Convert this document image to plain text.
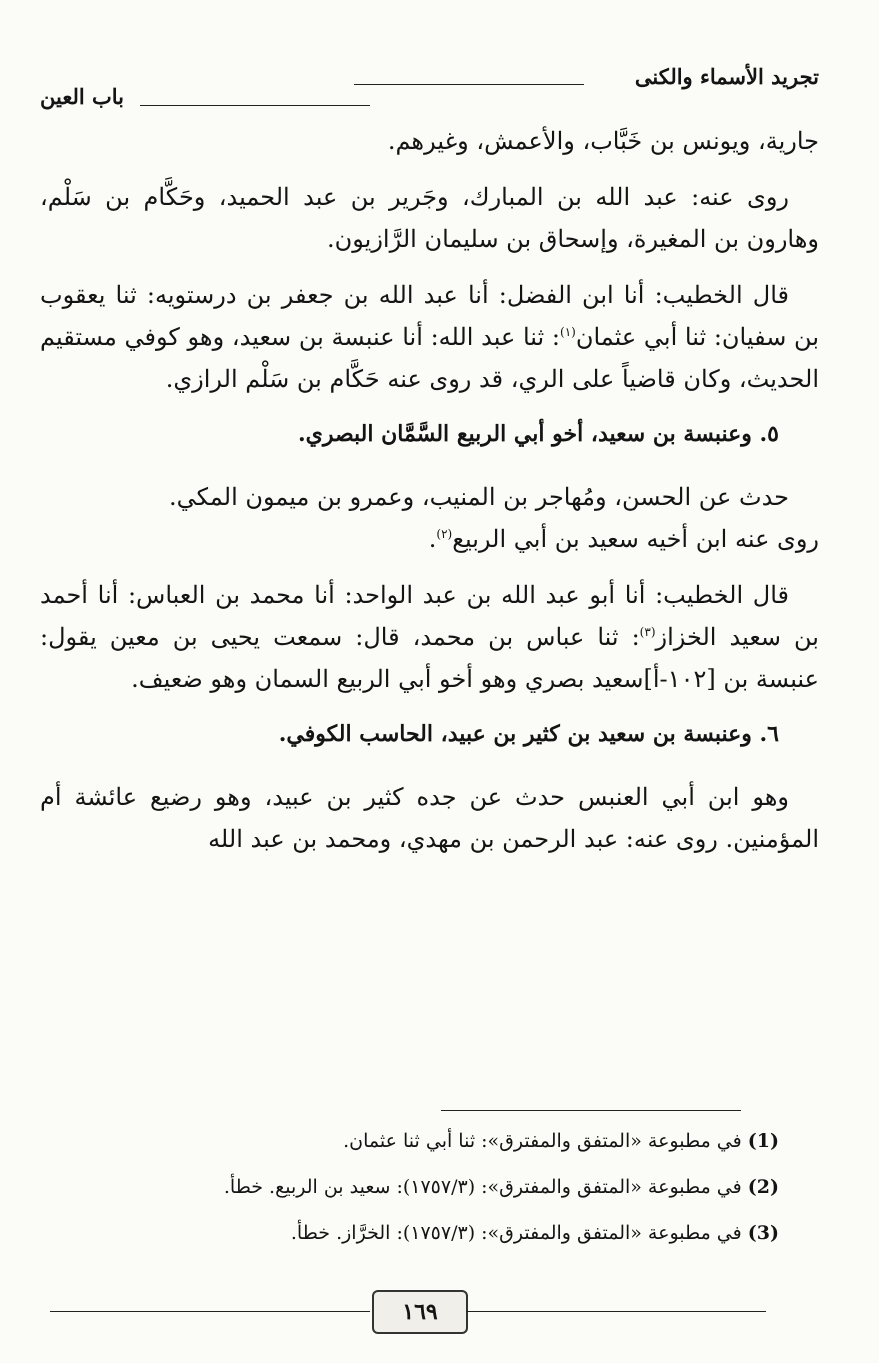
تجريد الأسماء والكنى
باب العين

جارية، ويونس بن خَبَّاب، والأعمش، وغيرهم.

روى عنه: عبد الله بن المبارك، وجَرير بن عبد الحميد، وحَكَّام بن سَلْم، وهارون بن المغيرة، وإسحاق بن سليمان الرَّازيون.

قال الخطيب: أنا ابن الفضل: أنا عبد الله بن جعفر بن درستويه: ثنا يعقوب بن سفيان: ثنا أبي عثمان$^{(١)}$: ثنا عبد الله: أنا عنبسة بن سعيد، وهو كوفي مستقيم الحديث، وكان قاضياً على الري، قد روى عنه حَكَّام بن سَلْم الرازي.

٥. وعنبسة بن سعيد، أخو أبي الربيع السَّمَّان البصري.

حدث عن الحسن، ومُهاجر بن المنيب، وعمرو بن ميمون المكي.

روى عنه ابن أخيه سعيد بن أبي الربيع$^{(٢)}$.

قال الخطيب: أنا أبو عبد الله بن عبد الواحد: أنا محمد بن العباس: أنا أحمد بن سعيد الخزاز$^{(٣)}$: ثنا عباس بن محمد، قال: سمعت يحيى بن معين يقول: عنبسة بن [١٠٢-أ]سعيد بصري وهو أخو أبي الربيع السمان وهو ضعيف.

٦. وعنبسة بن سعيد بن كثير بن عبيد، الحاسب الكوفي.

وهو ابن أبي العنبس حدث عن جده كثير بن عبيد، وهو رضيع عائشة أم المؤمنين. روى عنه: عبد الرحمن بن مهدي، ومحمد بن عبد الله

(1) في مطبوعة «المتفق والمفترق»: ثنا أبي ثنا عثمان.

(2) في مطبوعة «المتفق والمفترق»: (١٧٥٧/٣): سعيد بن الربيع. خطأ.

(3) في مطبوعة «المتفق والمفترق»: (١٧٥٧/٣): الخرَّاز. خطأ.

١٦٩
